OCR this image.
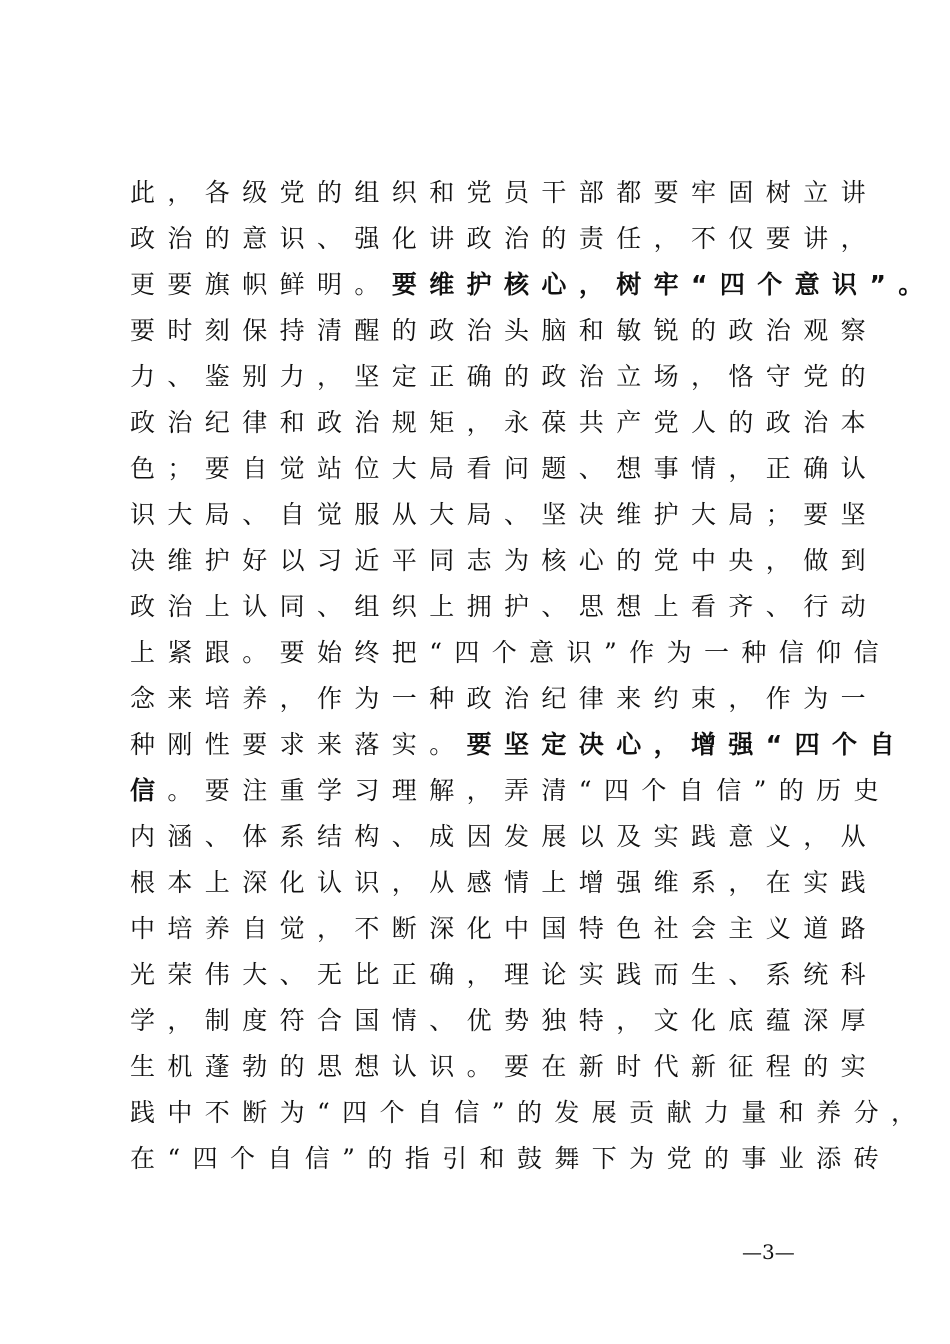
此，各级党的组织和党员干部都要牢固树立讲
政治的意识、强化讲政治的责任，不仅要讲，
更要旗帜鲜明。要维护核心，树牢“四个意识”。
要时刻保持清醒的政治头脑和敏锐的政治观察
力、鉴别力，坚定正确的政治立场，恪守党的
政治纪律和政治规矩，永葆共产党人的政治本
色；要自觉站位大局看问题、想事情，正确认
识大局、自觉服从大局、坚决维护大局；要坚
决维护好以习近平同志为核心的党中央，做到
政治上认同、组织上拥护、思想上看齐、行动
上紧跟。要始终把“四个意识”作为一种信仰信
念来培养，作为一种政治纪律来约束，作为一
种刚性要求来落实。要坚定决心，增强“四个自
信。要注重学习理解，弄清“四个自信”的历史
内涵、体系结构、成因发展以及实践意义，从
根本上深化认识，从感情上增强维系，在实践
中培养自觉，不断深化中国特色社会主义道路
光荣伟大、无比正确，理论实践而生、系统科
学，制度符合国情、优势独特，文化底蕴深厚
生机蓬勃的思想认识。要在新时代新征程的实
践中不断为“四个自信”的发展贡献力量和养分，
在“四个自信”的指引和鼓舞下为党的事业添砖
—3—
